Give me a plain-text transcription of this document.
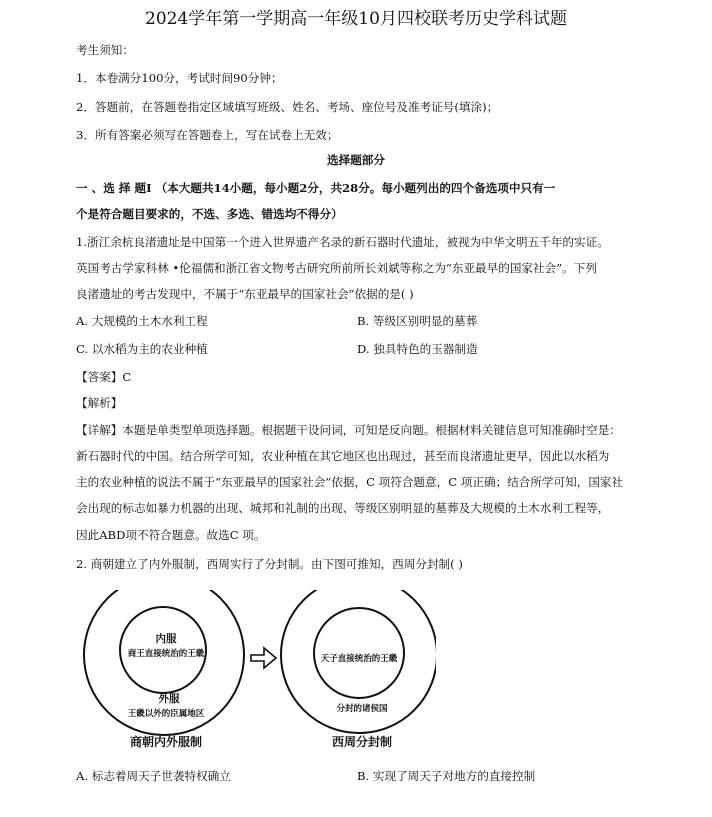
2024学年第一学期高一年级10月四校联考历史学科试题
考生须知：
1．本卷满分100分，考试时间90分钟；
2．答题前，在答题卷指定区域填写班级、姓名、考场、座位号及准考证号(填涂)；
3．所有答案必须写在答题卷上，写在试卷上无效；
选择题部分
一 、选 择 题Ⅰ （本大题共14小题，每小题2分，共28分。每小题列出的四个备选项中只有一
个是符合题目要求的，不选、多选、错选均不得分）
1.浙江余杭良渚遗址是中国第一个进入世界遗产名录的新石器时代遗址，被视为中华文明五千年的实证。
英国考古学家科林 •伦福儒和浙江省文物考古研究所前所长刘斌等称之为“东亚最早的国家社会”。下列
良渚遗址的考古发现中，不属于“东亚最早的国家社会”依据的是( )
A. 大规模的土木水利工程	B. 等级区别明显的墓葬
C. 以水稻为主的农业种植	D. 独具特色的玉器制造
【答案】C
【解析】
【详解】本题是单类型单项选择题。根据题干设问词，可知是反向题。根据材料关键信息可知准确时空是：
新石器时代的中国。结合所学可知，农业种植在其它地区也出现过，甚至而良渚遗址更早，因此以水稻为
主的农业种植的说法不属于“东亚最早的国家社会”依据，C 项符合题意，C 项正确；结合所学可知，国家社
会出现的标志如暴力机器的出现、城邦和礼制的出现、等级区别明显的墓葬及大规模的土木水利工程等，
因此ABD项不符合题意。故选C 项。
2. 商朝建立了内外服制，西周实行了分封制。由下图可推知，西周分封制( )
内服
商王直接统治的王畿
外服
王畿以外的臣属地区
商朝内外服制
天子直接统治的王畿
分封的诸侯国
西周分封制
A. 标志着周天子世袭特权确立	B. 实现了周天子对地方的直接控制
